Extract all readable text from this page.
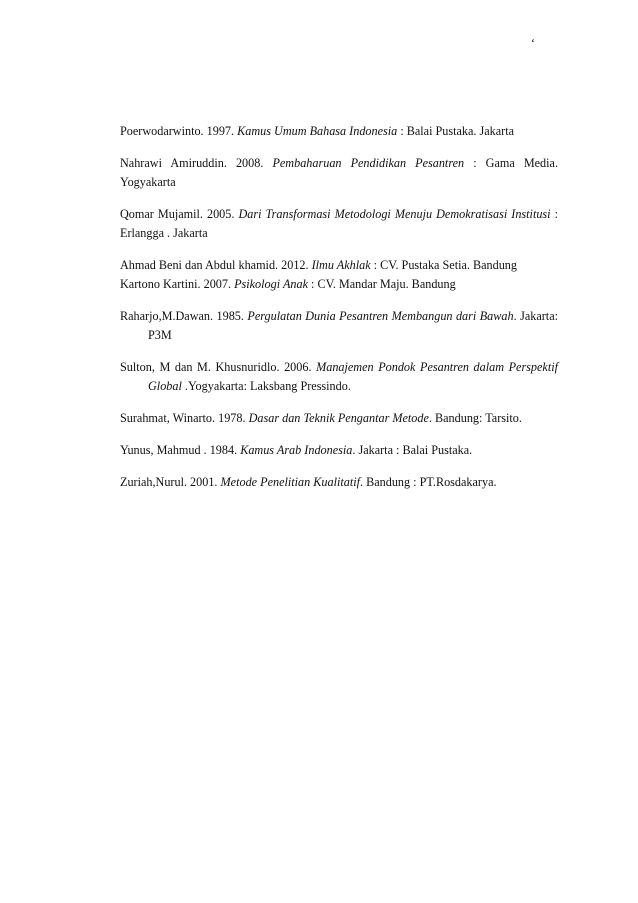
‘

Poerwodarwinto. 1997. Kamus Umum Bahasa Indonesia : Balai Pustaka. Jakarta

Nahrawi Amiruddin. 2008. Pembaharuan Pendidikan Pesantren : Gama Media. Yogyakarta

Qomar Mujamil. 2005. Dari Transformasi Metodologi Menuju Demokratisasi Institusi : Erlangga . Jakarta

Ahmad Beni dan Abdul khamid. 2012. Ilmu Akhlak : CV. Pustaka Setia. Bandung

Kartono Kartini. 2007. Psikologi Anak : CV. Mandar Maju. Bandung

Raharjo,M.Dawan. 1985. Pergulatan Dunia Pesantren Membangun dari Bawah. Jakarta: P3M

Sulton, M dan M. Khusnuridlo. 2006. Manajemen Pondok Pesantren dalam Perspektif Global .Yogyakarta: Laksbang Pressindo.

Surahmat, Winarto. 1978. Dasar dan Teknik Pengantar Metode. Bandung: Tarsito.

Yunus, Mahmud . 1984. Kamus Arab Indonesia. Jakarta : Balai Pustaka.

Zuriah,Nurul. 2001. Metode Penelitian Kualitatif. Bandung : PT.Rosdakarya.
